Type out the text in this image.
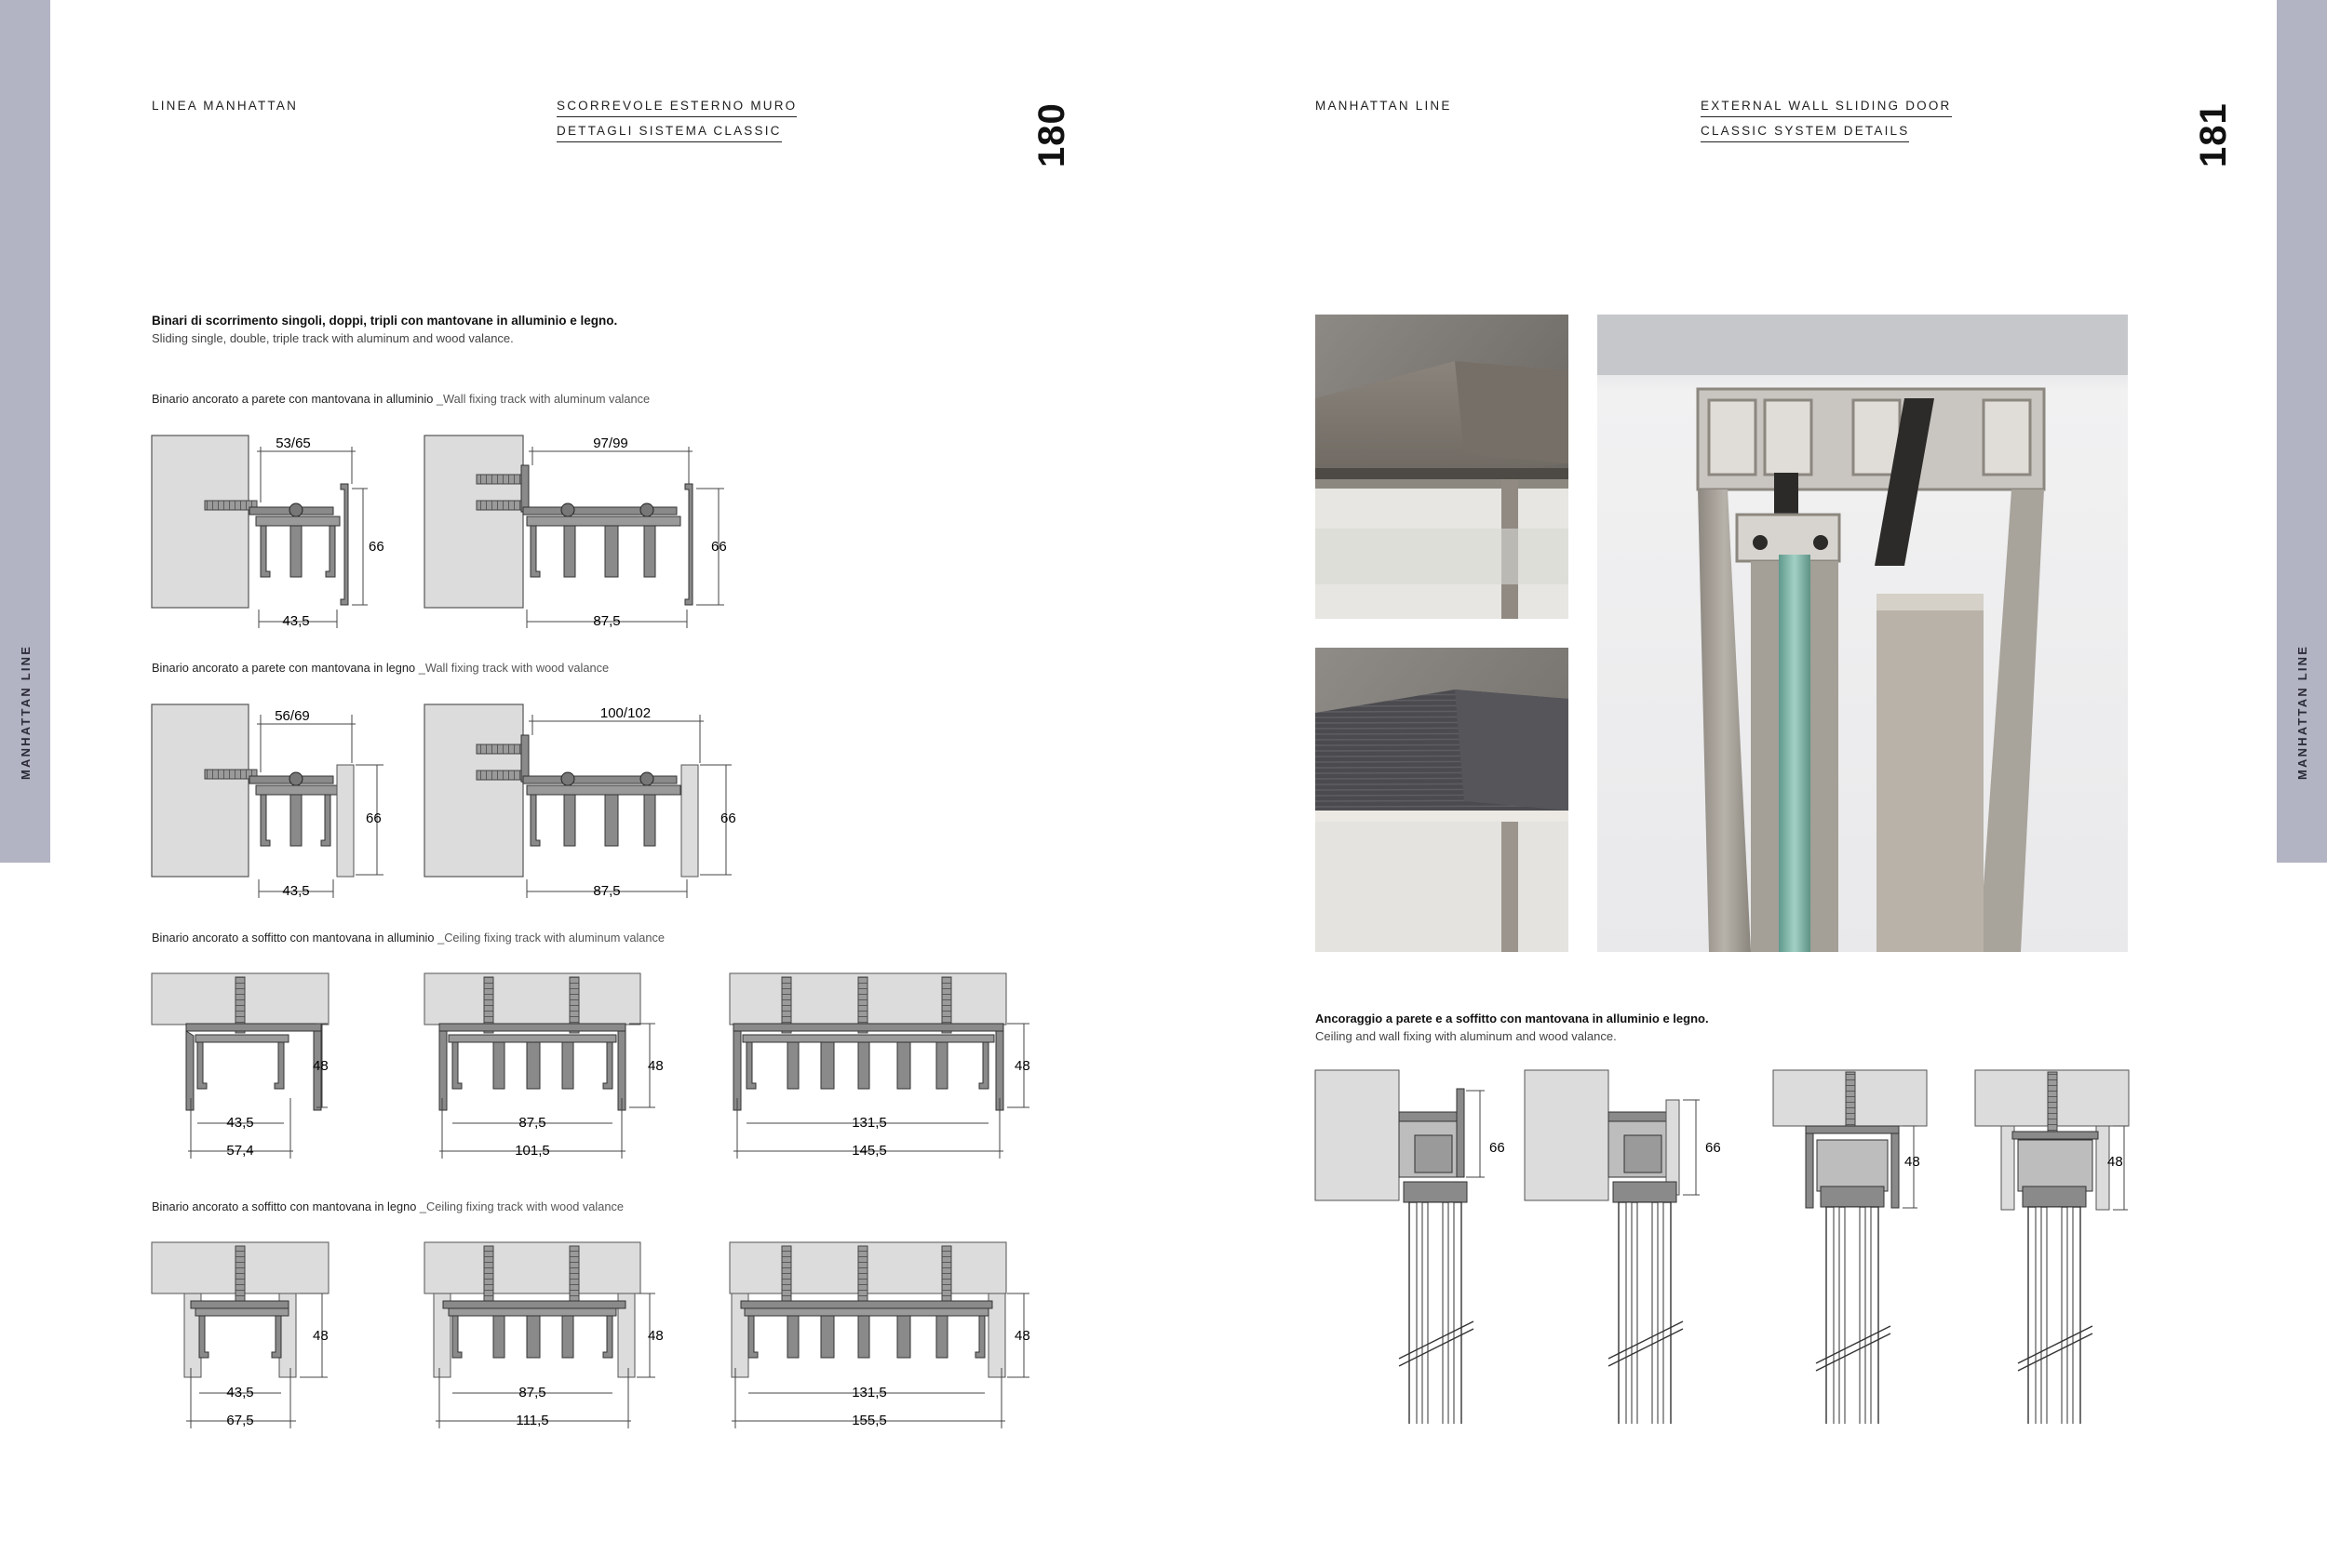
MANHATTAN LINE
LINEA MANHATTAN	SCORREVOLE ESTERNO MURO
DETTAGLI SISTEMA CLASSIC	180
Binari di scorrimento singoli, doppi, tripli con mantovane in alluminio e legno.
Sliding single, double, triple track with aluminum and wood valance.
Binario ancorato a parete con mantovana in alluminio _Wall fixing track with aluminum valance
Binario ancorato a parete con mantovana in legno _Wall fixing track with wood valance
Binario ancorato a soffitto con mantovana in alluminio _Ceiling fixing track with aluminum valance
Binario ancorato a soffitto con mantovana in legno _Ceiling fixing track with wood valance
53/65
66
43,5
97/99
66
87,5
56/69
66
43,5
100/102
66
87,5
48
43,5
57,4
48
87,5
101,5
48
131,5
145,5
48
43,5
67,5
48
87,5
111,5
48
131,5
155,5
MANHATTAN LINE
MANHATTAN LINE	EXTERNAL WALL SLIDING DOOR
CLASSIC SYSTEM DETAILS	181
Ancoraggio a parete e a soffitto con mantovana in alluminio e legno.
Ceiling and wall fixing with aluminum and wood valance.
66	66
48	48
